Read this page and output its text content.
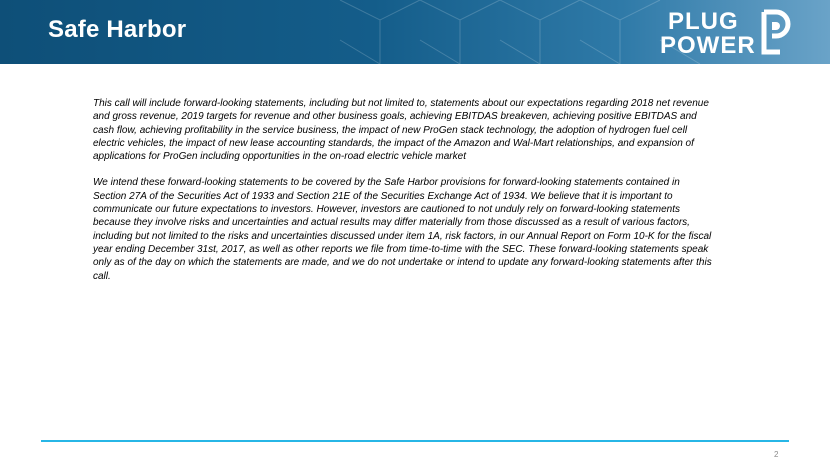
Safe Harbor	PLUG
POWER

This call will include forward-looking statements, including but not limited to, statements about our expectations regarding 2018 net revenue and gross revenue, 2019 targets for revenue and other business goals, achieving EBITDAS breakeven, achieving positive EBITDAS and cash flow, achieving profitability in the service business, the impact of new ProGen stack technology, the adoption of hydrogen fuel cell electric vehicles, the impact of new lease accounting standards, the impact of the Amazon and Wal-Mart relationships, and expansion of applications for ProGen including opportunities in the on-road electric vehicle market

We intend these forward-looking statements to be covered by the Safe Harbor provisions for forward-looking statements contained in Section 27A of the Securities Act of 1933 and Section 21E of the Securities Exchange Act of 1934. We believe that it is important to communicate our future expectations to investors. However, investors are cautioned to not unduly rely on forward-looking statements because they involve risks and uncertainties and actual results may differ materially from those discussed as a result of various factors, including but not limited to the risks and uncertainties discussed under item 1A, risk factors, in our Annual Report on Form 10-K for the fiscal year ending December 31st, 2017, as well as other reports we file from time-to-time with the SEC. These forward-looking statements speak only as of the day on which the statements are made, and we do not undertake or intend to update any forward-looking statements after this call.

2
